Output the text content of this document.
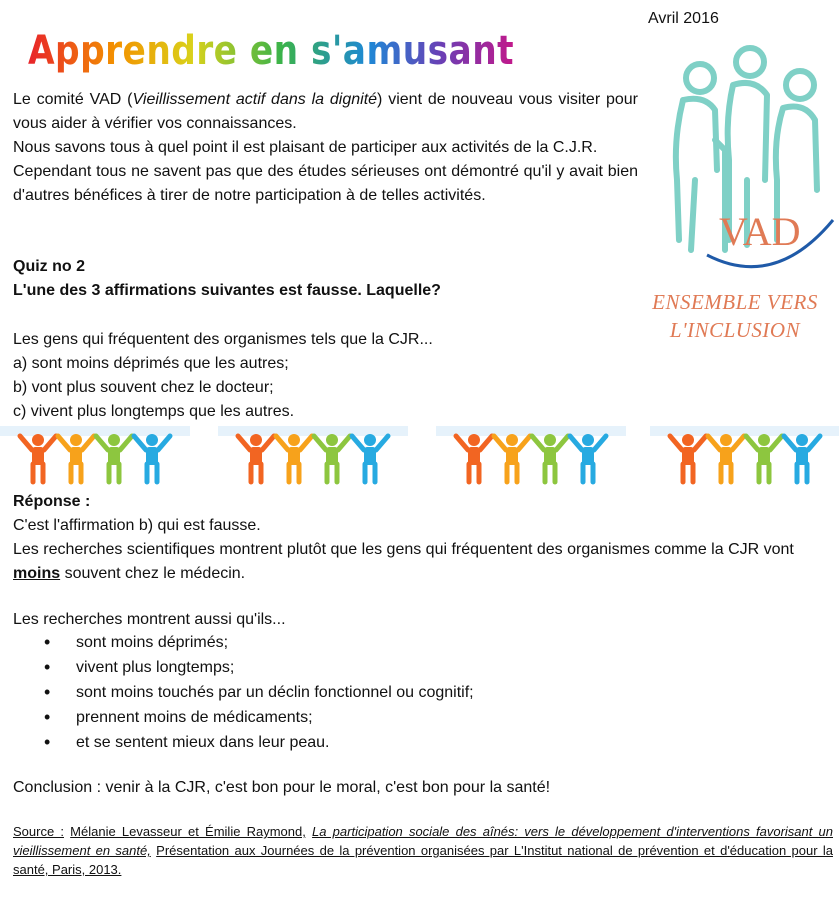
Avril 2016
Apprendre en s'amusant

Le comité VAD (Vieillissement actif dans la dignité) vient de nouveau vous visiter pour vous aider à vérifier vos connaissances.

Nous savons tous à quel point il est plaisant de participer aux activités de la C.J.R.

Cependant tous ne savent pas que des études sérieuses ont démontré qu'il y avait bien d'autres bénéfices à tirer de notre participation à de telles activités.

VAD
ENSEMBLE VERS
L'INCLUSION
Quiz no 2
L'une des 3 affirmations suivantes est fausse. Laquelle?
Les gens qui fréquentent des organismes tels que la CJR...
a) sont moins déprimés que les autres;
b) vont plus souvent chez le docteur;
c) vivent plus longtemps que les autres.
Réponse :
C'est l'affirmation b) qui est fausse.
Les recherches scientifiques montrent plutôt que les gens qui fréquentent des organismes comme la CJR vont moins souvent chez le médecin.
Les recherches montrent aussi qu'ils...
• sont moins déprimés;
• vivent plus longtemps;
• sont moins touchés par un déclin fonctionnel ou cognitif;
• prennent moins de médicaments;
• et se sentent mieux dans leur peau.
Conclusion : venir à la CJR, c'est bon pour le moral, c'est bon pour la santé!
Source : Mélanie Levasseur et Émilie Raymond, La participation sociale des aînés: vers le développement d'interventions favorisant un vieillissement en santé, Présentation aux Journées de la prévention organisées par L'Institut national de prévention et d'éducation pour la santé, Paris, 2013.
